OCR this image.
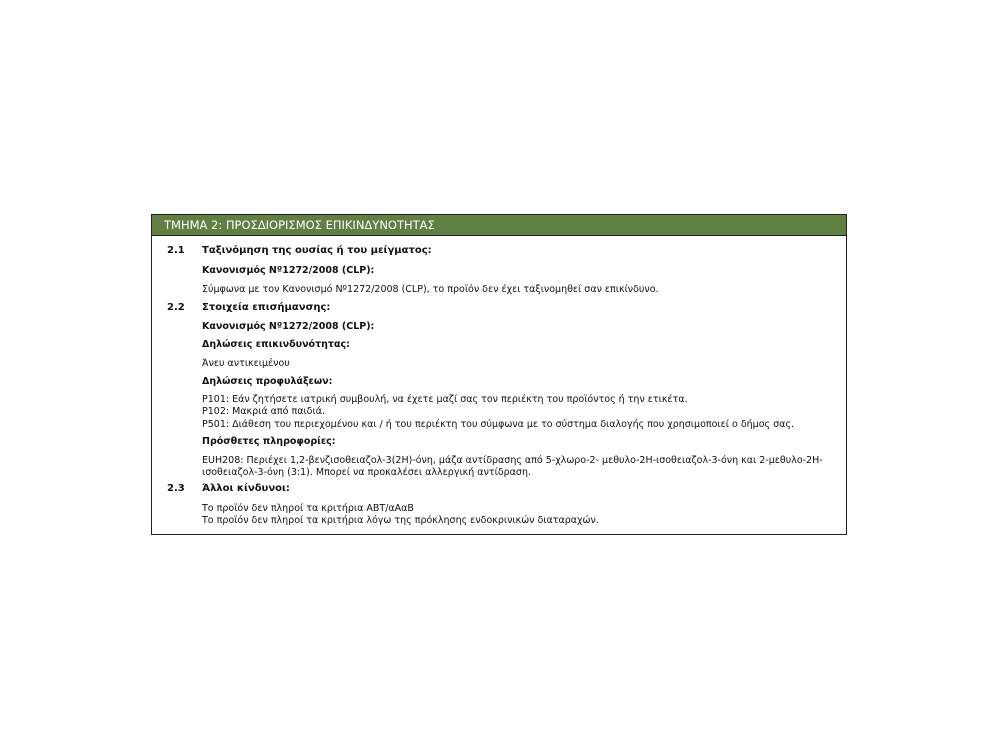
ΤΜΗΜΑ 2: ΠΡΟΣΔΙΟΡΙΣΜΟΣ ΕΠΙΚΙΝΔΥΝΟΤΗΤΑΣ
2.1 Ταξινόμηση της ουσίας ή του μείγματος:
Κανονισμός Nº1272/2008 (CLP):
Σύμφωνα με τον Κανονισμό Nº1272/2008 (CLP), το προϊόν δεν έχει ταξινομηθεί σαν επικίνδυνο.
2.2 Στοιχεία επισήμανσης:
Κανονισμός Nº1272/2008 (CLP):
Δηλώσεις επικινδυνότητας:
Άνευ αντικειμένου
Δηλώσεις προφυλάξεων:
P101: Εάν ζητήσετε ιατρική συμβουλή, να έχετε μαζί σας τον περιέκτη του προϊόντος ή την ετικέτα.
P102: Μακριά από παιδιά.
P501: Διάθεση του περιεχομένου και / ή του περιέκτη του σύμφωνα με το σύστημα διαλογής που χρησιμοποιεί ο δήμος σας.
Πρόσθετες πληροφορίες:
EUH208: Περιέχει 1,2-βενζισοθειαζολ-3(2H)-όνη, μάζα αντίδρασης από 5-χλωρο-2- μεθυλο-2H-ισοθειαζολ-3-όνη και 2-μεθυλο-2H-
ισοθειαζολ-3-όνη (3:1). Μπορεί να προκαλέσει αλλεργική αντίδραση.
2.3 Άλλοι κίνδυνοι:
Το προϊόν δεν πληροί τα κριτήρια ΑΒΤ/αΑαΒ
Το προϊόν δεν πληροί τα κριτήρια λόγω της πρόκλησης ενδοκρινικών διαταραχών.
